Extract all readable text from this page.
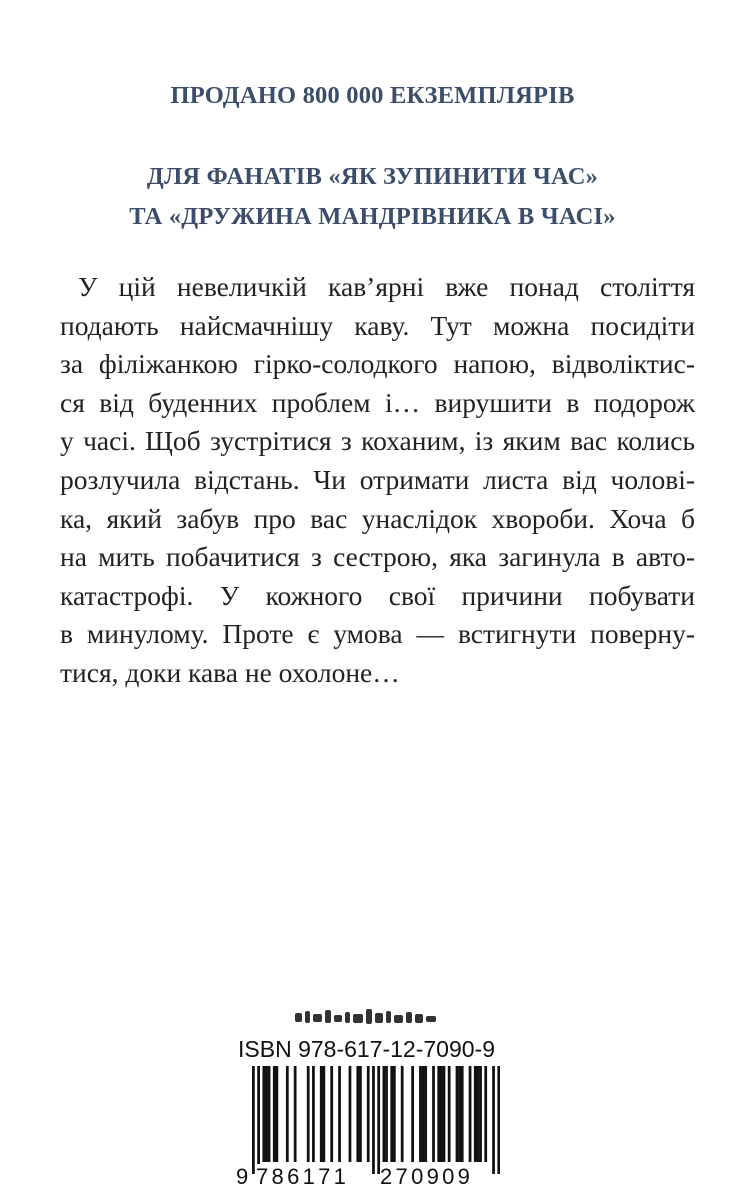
ПРОДАНО 800 000 ЕКЗЕМПЛЯРІВ
ДЛЯ ФАНАТІВ «ЯК ЗУПИНИТИ ЧАС»
ТА «ДРУЖИНА МАНДРІВНИКА В ЧАСІ»

У цій невеличкій кав’ярні вже понад століття
подають найсмачнішу каву. Тут можна посидіти
за філіжанкою гірко-солодкого напою, відволіктис-
ся від буденних проблем і… вирушити в подорож
у часі. Щоб зустрітися з коханим, із яким вас колись
розлучила відстань. Чи отримати листа від чолові-
ка, який забув про вас унаслідок хвороби. Хоча б
на мить побачитися з сестрою, яка загинула в авто-
катастрофі. У кожного свої причини побувати
в минулому. Проте є умова — встигнути поверну-
тися, доки кава не охолоне…

ISBN 978-617-12-7090-9

9 786171 270909
